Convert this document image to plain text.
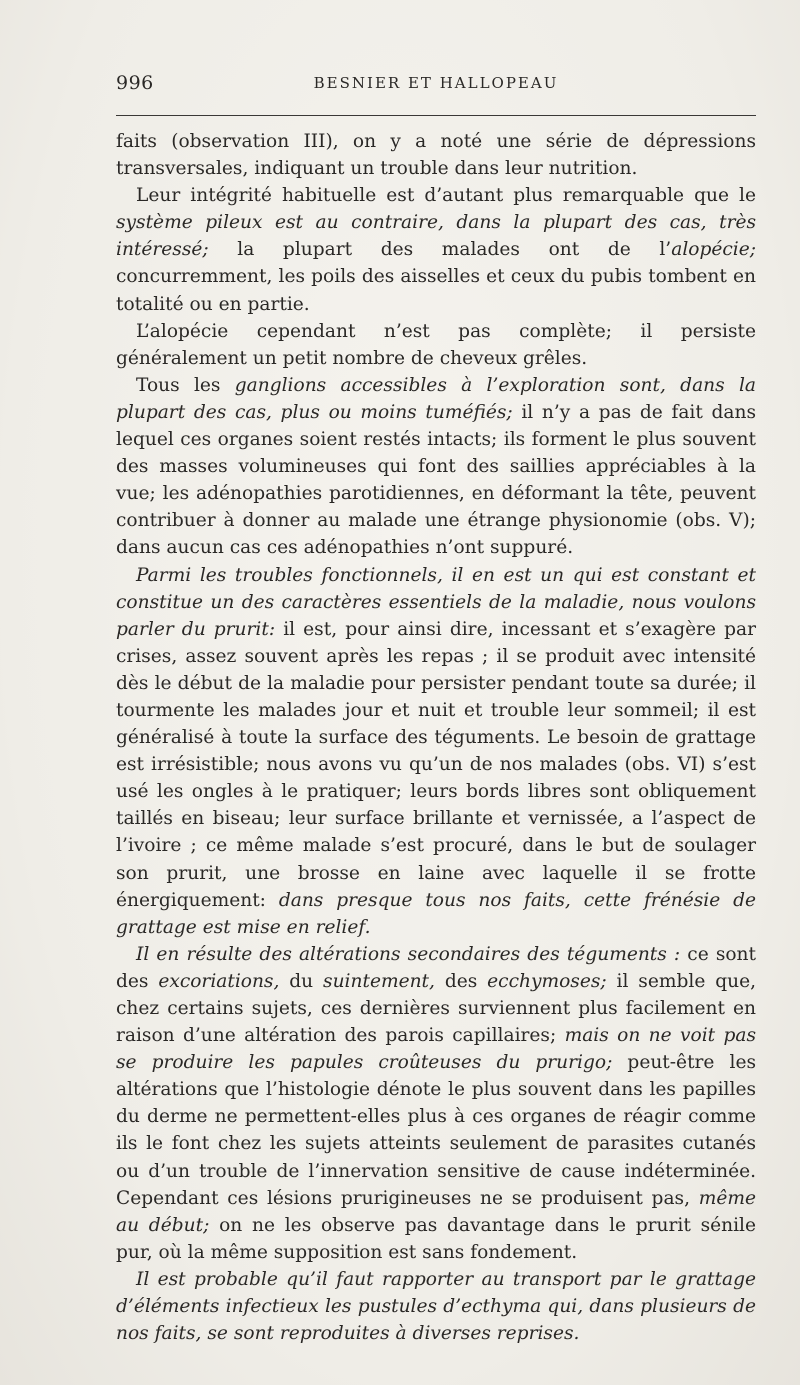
996	BESNIER ET HALLOPEAU

faits (observation III), on y a noté une série de dépressions transversales, indiquant un trouble dans leur nutrition.

Leur intégrité habituelle est d’autant plus remarquable que le système pileux est au contraire, dans la plupart des cas, très intéressé; la plupart des malades ont de l’alopécie; concurremment, les poils des aisselles et ceux du pubis tombent en totalité ou en partie.

L’alopécie cependant n’est pas complète; il persiste généralement un petit nombre de cheveux grêles.

Tous les ganglions accessibles à l’exploration sont, dans la plupart des cas, plus ou moins tuméfiés; il n’y a pas de fait dans lequel ces organes soient restés intacts; ils forment le plus souvent des masses volumineuses qui font des saillies appréciables à la vue; les adénopathies parotidiennes, en déformant la tête, peuvent contribuer à donner au malade une étrange physionomie (obs. V); dans aucun cas ces adénopathies n’ont suppuré.

Parmi les troubles fonctionnels, il en est un qui est constant et constitue un des caractères essentiels de la maladie, nous voulons parler du prurit: il est, pour ainsi dire, incessant et s’exagère par crises, assez souvent après les repas ; il se produit avec intensité dès le début de la maladie pour persister pendant toute sa durée; il tourmente les malades jour et nuit et trouble leur sommeil; il est généralisé à toute la surface des téguments. Le besoin de grattage est irrésistible; nous avons vu qu’un de nos malades (obs. VI) s’est usé les ongles à le pratiquer; leurs bords libres sont obliquement taillés en biseau; leur surface brillante et vernissée, a l’aspect de l’ivoire ; ce même malade s’est procuré, dans le but de soulager son prurit, une brosse en laine avec laquelle il se frotte énergiquement: dans presque tous nos faits, cette frénésie de grattage est mise en relief.

Il en résulte des altérations secondaires des téguments : ce sont des excoriations, du suintement, des ecchymoses; il semble que, chez certains sujets, ces dernières surviennent plus facilement en raison d’une altération des parois capillaires; mais on ne voit pas se produire les papules croûteuses du prurigo; peut-être les altérations que l’histologie dénote le plus souvent dans les papilles du derme ne permettent-elles plus à ces organes de réagir comme ils le font chez les sujets atteints seulement de parasites cutanés ou d’un trouble de l’innervation sensitive de cause indéterminée. Cependant ces lésions prurigineuses ne se produisent pas, même au début; on ne les observe pas davantage dans le prurit sénile pur, où la même supposition est sans fondement.

Il est probable qu’il faut rapporter au transport par le grattage d’éléments infectieux les pustules d’ecthyma qui, dans plusieurs de nos faits, se sont reproduites à diverses reprises.
